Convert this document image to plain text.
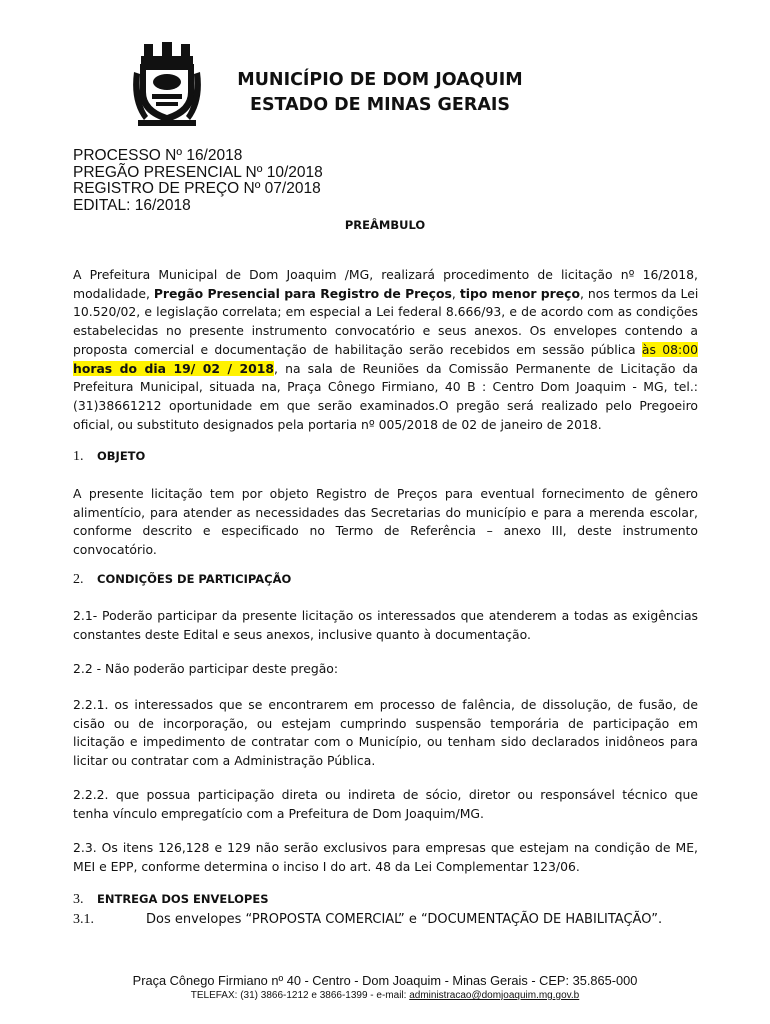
MUNICÍPIO DE DOM JOAQUIM
ESTADO DE MINAS GERAIS
PROCESSO Nº 16/2018
PREGÃO PRESENCIAL Nº 10/2018
REGISTRO DE PREÇO Nº 07/2018
EDITAL: 16/2018
PREÂMBULO
A Prefeitura Municipal de Dom Joaquim /MG, realizará procedimento de licitação nº 16/2018,
modalidade, Pregão Presencial para Registro de Preços, tipo menor preço, nos termos da Lei
10.520/02, e legislação correlata; em especial a Lei federal 8.666/93, e de acordo com as condições
estabelecidas no presente instrumento convocatório e seus anexos. Os envelopes contendo a
proposta comercial e documentação de habilitação serão recebidos em sessão pública às 08:00
horas do dia 19/ 02 / 2018, na sala de Reuniões da Comissão Permanente de Licitação da
Prefeitura Municipal, situada na, Praça Cônego Firmiano, 40 B : Centro Dom Joaquim - MG, tel.:
(31)38661212 oportunidade em que serão examinados.O pregão será realizado pelo Pregoeiro
oficial, ou substituto designados pela portaria nº 005/2018 de 02 de janeiro de 2018.
1. OBJETO
A presente licitação tem por objeto Registro de Preços para eventual fornecimento de gênero
alimentício, para atender as necessidades das Secretarias do município e para a merenda escolar,
conforme descrito e especificado no Termo de Referência – anexo III, deste instrumento
convocatório.
2. CONDIÇÕES DE PARTICIPAÇÃO
2.1- Poderão participar da presente licitação os interessados que atenderem a todas as exigências
constantes deste Edital e seus anexos, inclusive quanto à documentação.
2.2 - Não poderão participar deste pregão:
2.2.1. os interessados que se encontrarem em processo de falência, de dissolução, de fusão, de
cisão ou de incorporação, ou estejam cumprindo suspensão temporária de participação em
licitação e impedimento de contratar com o Município, ou tenham sido declarados inidôneos para
licitar ou contratar com a Administração Pública.
2.2.2. que possua participação direta ou indireta de sócio, diretor ou responsável técnico que
tenha vínculo empregatício com a Prefeitura de Dom Joaquim/MG.
2.3. Os itens 126,128 e 129 não serão exclusivos para empresas que estejam na condição de ME,
MEI e EPP, conforme determina o inciso I do art. 48 da Lei Complementar 123/06.
3. ENTREGA DOS ENVELOPES
3.1.	Dos envelopes “PROPOSTA COMERCIAL” e “DOCUMENTAÇÃO DE HABILITAÇÃO”.
Praça Cônego Firmiano nº 40 - Centro - Dom Joaquim - Minas Gerais - CEP: 35.865-000
TELEFAX: (31) 3866-1212 e 3866-1399 - e-mail: administracao@domjoaquim.mg.gov.b
